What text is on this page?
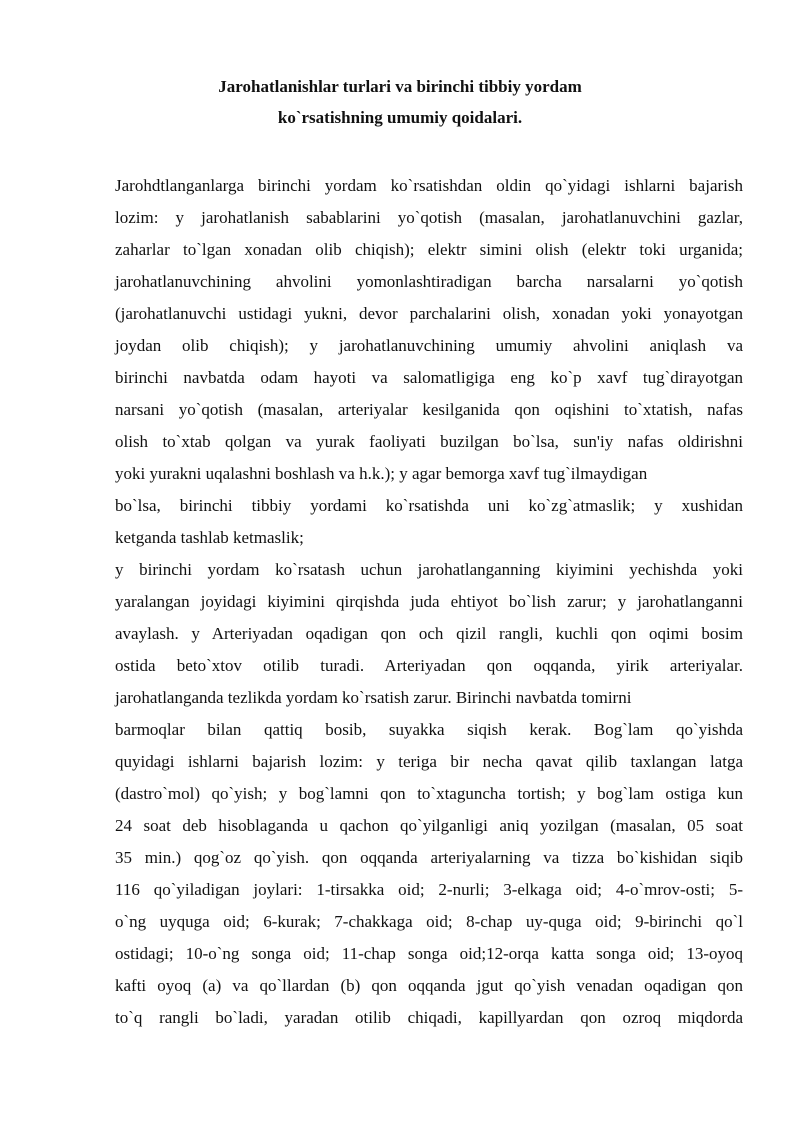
Jarohatlanishlar turlari va birinchi tibbiy yordam
ko`rsatishning umumiy qoidalari.
Jarohdtlanganlarga birinchi yordam ko`rsatishdan oldin qo`yidagi ishlarni bajarish
lozim: y jarohatlanish sabablarini yo`qotish (masalan, jarohatlanuvchini gazlar,
zaharlar to`lgan xonadan olib chiqish); elektr simini olish (elektr toki urganida;
jarohatlanuvchining ahvolini yomonlashtiradigan barcha narsalarni yo`qotish
(jarohatlanuvchi ustidagi yukni, devor parchalarini olish, xonadan yoki yonayotgan
joydan olib chiqish); y jarohatlanuvchining umumiy ahvolini aniqlash va
birinchi navbatda odam hayoti va salomatligiga eng ko`p xavf tug`dirayotgan
narsani yo`qotish (masalan, arteriyalar kesilganida qon oqishini to`xtatish, nafas
olish to`xtab qolgan va yurak faoliyati buzilgan bo`lsa, sun'iy nafas oldirishni
yoki yurakni uqalashni boshlash va h.k.); y agar bemorga xavf tug`ilmaydigan
bo`lsa, birinchi tibbiy yordami ko`rsatishda uni ko`zg`atmaslik; y xushidan
ketganda tashlab ketmaslik;
y birinchi yordam ko`rsatash uchun jarohatlanganning kiyimini yechishda yoki
yaralangan joyidagi kiyimini qirqishda juda ehtiyot bo`lish zarur; y jarohatlanganni
avaylash. y Arteriyadan oqadigan qon och qizil rangli, kuchli qon oqimi bosim
ostida beto`xtov otilib turadi. Arteriyadan qon oqqanda, yirik arteriyalar.
jarohatlanganda tezlikda yordam ko`rsatish zarur. Birinchi navbatda tomirni
barmoqlar bilan qattiq bosib, suyakka siqish kerak. Bog`lam qo`yishda
quyidagi ishlarni bajarish lozim: y teriga bir necha qavat qilib taxlangan latga
(dastro`mol) qo`yish; y bog`lamni qon to`xtaguncha tortish; y bog`lam ostiga kun
24 soat deb hisoblaganda u qachon qo`yilganligi aniq yozilgan (masalan, 05 soat
35 min.) qog`oz qo`yish. qon oqqanda arteriyalarning va tizza bo`kishidan siqib
116 qo`yiladigan joylari: 1-tirsakka oid; 2-nurli; 3-elkaga oid; 4-o`mrov-osti; 5-
o`ng uyquga oid; 6-kurak; 7-chakkaga oid; 8-chap uy-quga oid; 9-birinchi qo`l
ostidagi; 10-o`ng songa oid; 11-chap songa oid;12-orqa katta songa oid; 13-oyoq
kafti oyoq (a) va qo`llardan (b) qon oqqanda jgut qo`yish venadan oqadigan qon
to`q rangli bo`ladi, yaradan otilib chiqadi, kapillyardan qon ozroq miqdorda
